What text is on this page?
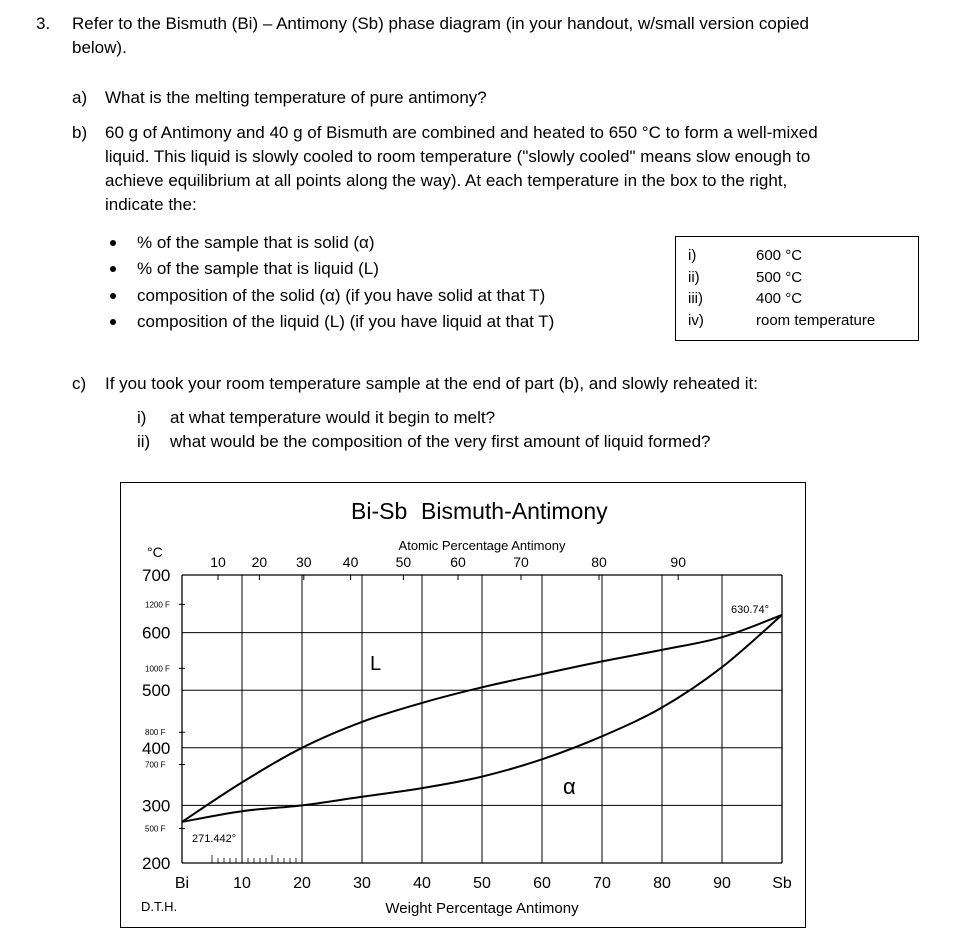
3. Refer to the Bismuth (Bi) – Antimony (Sb) phase diagram (in your handout, w/small version copied
below).
a) What is the melting temperature of pure antimony?
b) 60 g of Antimony and 40 g of Bismuth are combined and heated to 650 °C to form a well-mixed
liquid. This liquid is slowly cooled to room temperature ("slowly cooled" means slow enough to
achieve equilibrium at all points along the way). At each temperature in the box to the right,
indicate the:
% of the sample that is solid (α)
% of the sample that is liquid (L)
composition of the solid (α) (if you have solid at that T)
composition of the liquid (L) (if you have liquid at that T)
i)	600 °C
ii)	500 °C
iii)	400 °C
iv)	room temperature
c) If you took your room temperature sample at the end of part (b), and slowly reheated it:
i) at what temperature would it begin to melt?
ii) what would be the composition of the very first amount of liquid formed?
Bi-Sb Bismuth-Antimony
Atomic Percentage Antimony
°C
L
α
630.74°
271.442°
D.T.H.	Weight Percentage Antimony
700
600
500
400
300
200
1200 F
1000 F
800 F
700 F
500 F
10 20 30 40	50	60	70	80	90
Bi	10	20	30	40	50	60	70	80	90	Sb
